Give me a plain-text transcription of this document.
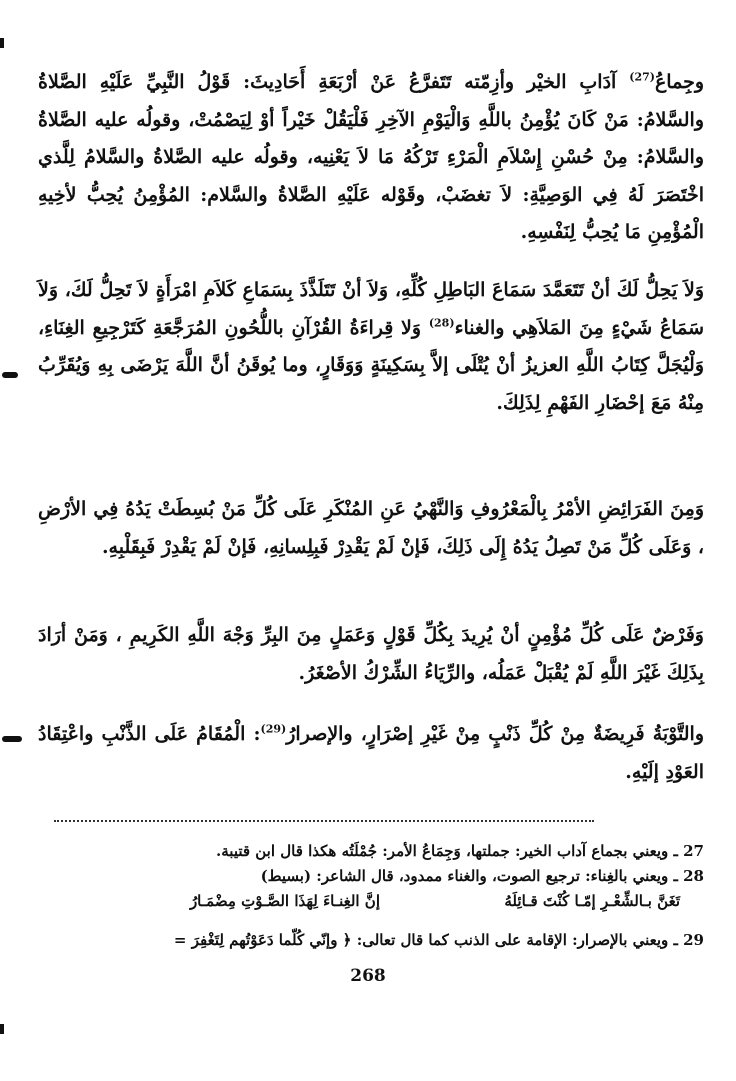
وجِماعُ$^{(27)}$ آدَابِ الخيْر وأزِمّته تَتَفرَّعُ عَنْ أرْبَعَةِ أَحَادِيثَ: قَوْلُ النَّبِيِّ عَلَيْهِ الصَّلاةُ والسَّلامُ: مَنْ كَانَ يُؤْمِنُ باللَّهِ وَالْيَوْمِ الآخِرِ فَلْيَقُلْ خَيْراً أوْ لِيَصْمُتْ، وقولُه عليه الصَّلاةُ والسَّلامُ: مِنْ حُسْنِ إِسْلاَمِ الْمَرْءِ تَرْكُهُ مَا لاَ يَعْنِيه، وقولُه عليه الصَّلاةُ والسَّلامُ لِلَّذي اخْتَصَرَ لَهُ فِي الوَصِيَّةِ: لاَ تغضَبْ، وقَوْله عَلَيْهِ الصَّلاةُ والسَّلام: المُؤْمِنُ يُحِبُّ لأخِيهِ الْمُؤْمِنِ مَا يُحِبُّ لِنَفْسِهِ.

وَلاَ يَحِلُّ لَكَ أنْ تَتَعَمَّدَ سَمَاعَ البَاطِلِ كُلِّهِ، وَلاَ أنْ تَتَلَذَّذَ بِسَمَاعِ كَلاَمِ امْرَأَةٍ لاَ تَحِلُّ لَكَ، وَلاَ سَمَاعُ شَيْءٍ مِنَ المَلاَهِي والغناء$^{(28)}$ وَلا قِراءَةُ القُرْآنِ باللُّحُونِ المُرَجَّعَةِ كَتَرْجِيعِ الغِنَاءِ، وَلْيُجَلَّ كِتَابُ اللَّهِ العزيزُ أنْ يُتْلَى إلاَّ بِسَكِينَةٍ وَوَقَارٍ، وما يُوقَنُ أنَّ اللَّهَ يَرْضَى بِهِ وَيُقَرِّبُ مِنْهُ مَعَ إحْضَارِ الفَهْمِ لِذَلِكَ.

وَمِنَ الفَرَائِضِ الأمْرُ بِالْمَعْرُوفِ وَالنَّهْيُ عَنِ المُنْكَرِ عَلَى كُلِّ مَنْ بُسِطَتْ يَدُهُ فِي الأرْضِ ، وَعَلَى كُلِّ مَنْ تَصِلُ يَدُهُ إِلَى ذَلِكَ، فَإنْ لَمْ يَقْدِرْ فَبِلِسانِهِ، فَإنْ لَمْ يَقْدِرْ فَبِقَلْبِهِ.

وَفَرْضٌ عَلَى كُلِّ مُؤْمِنٍ أنْ يُرِيدَ بِكُلِّ قَوْلٍ وَعَمَلٍ مِنَ البِرِّ وَجْهَ اللَّهِ الكَرِيمِ ، وَمَنْ أرَادَ بِذَلِكَ غَيْرَ اللَّهِ لَمْ يُقْبَلْ عَمَلُه، والرِّيَاءُ الشِّرْكُ الأصْغَرُ.

والتَّوْبَةُ فَرِيضَةٌ مِنْ كُلِّ ذَنْبٍ مِنْ غَيْرِ إصْرَارٍ، والإصرارُ$^{(29)}$: الْمُقَامُ عَلَى الذَّنْبِ واعْتِقَادُ العَوْدِ إلَيْهِ.

27 ـ ويعني بجماع آداب الخير: جملتها، وَجِمَاعُ الأمر: جُمْلَتُه هكذا قال ابن قتيبة.
28 ـ ويعني بالغِناء: ترجيع الصوت، والغناء ممدود، قال الشاعر: (بسيط)
تَغَنَّ بـالشِّعْـرِ إمّـا كُنْتَ قـائِلَهُ
إنَّ الغِنـاءَ لِهَذَا الصَّـوْتِ مِضْمَـارُ
29 ـ ويعني بالإصرار: الإقامة على الذنب كما قال تعالى: ﴿ وإنّي كُلّما دَعَوْتُهم لِتَغْفِرَ =
268
